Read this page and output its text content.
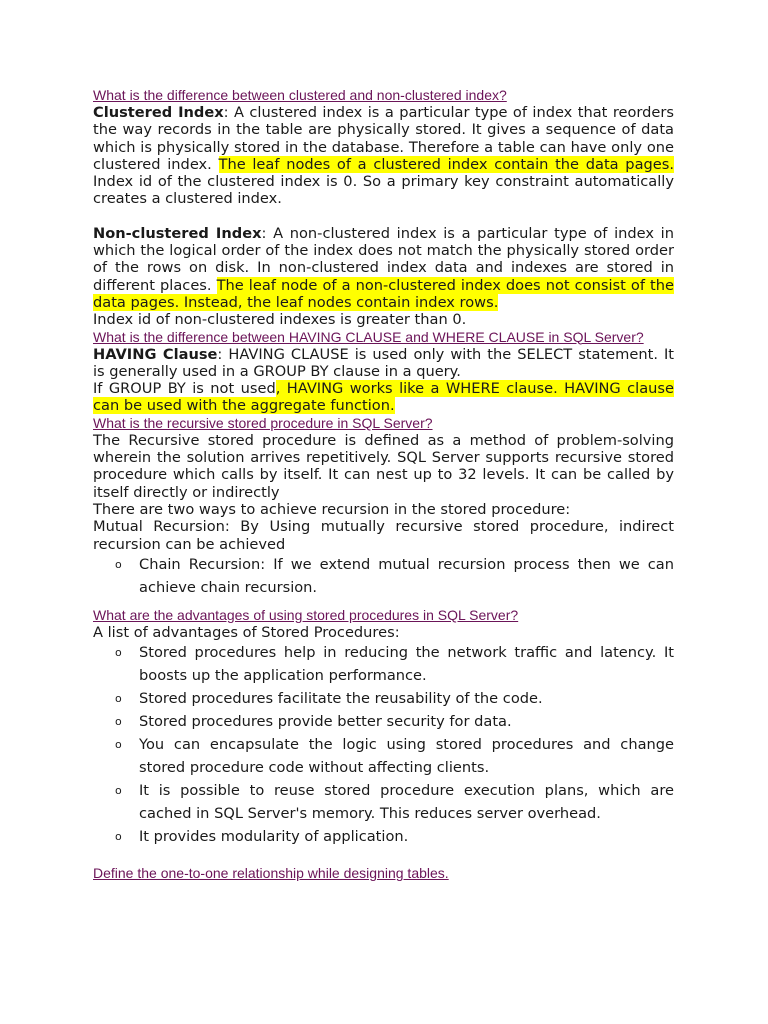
What is the difference between clustered and non-clustered index?

Clustered Index: A clustered index is a particular type of index that reorders the way records in the table are physically stored. It gives a sequence of data which is physically stored in the database. Therefore a table can have only one clustered index. The leaf nodes of a clustered index contain the data pages. Index id of the clustered index is 0. So a primary key constraint automatically creates a clustered index.

Non-clustered Index: A non-clustered index is a particular type of index in which the logical order of the index does not match the physically stored order of the rows on disk. In non-clustered index data and indexes are stored in different places. The leaf node of a non-clustered index does not consist of the data pages. Instead, the leaf nodes contain index rows.

Index id of non-clustered indexes is greater than 0.

What is the difference between HAVING CLAUSE and WHERE CLAUSE in SQL Server?

HAVING Clause: HAVING CLAUSE is used only with the SELECT statement. It is generally used in a GROUP BY clause in a query.

If GROUP BY is not used, HAVING works like a WHERE clause. HAVING clause can be used with the aggregate function.

What is the recursive stored procedure in SQL Server?

The Recursive stored procedure is defined as a method of problem-solving wherein the solution arrives repetitively. SQL Server supports recursive stored procedure which calls by itself. It can nest up to 32 levels. It can be called by itself directly or indirectly

There are two ways to achieve recursion in the stored procedure:

Mutual Recursion: By Using mutually recursive stored procedure, indirect recursion can be achieved

o Chain Recursion: If we extend mutual recursion process then we can achieve chain recursion.
What are the advantages of using stored procedures in SQL Server?

A list of advantages of Stored Procedures:

o Stored procedures help in reducing the network traffic and latency. It boosts up the application performance.
o Stored procedures facilitate the reusability of the code.
o Stored procedures provide better security for data.
o You can encapsulate the logic using stored procedures and change stored procedure code without affecting clients.
o It is possible to reuse stored procedure execution plans, which are cached in SQL Server's memory. This reduces server overhead.
o It provides modularity of application.
Define the one-to-one relationship while designing tables.
